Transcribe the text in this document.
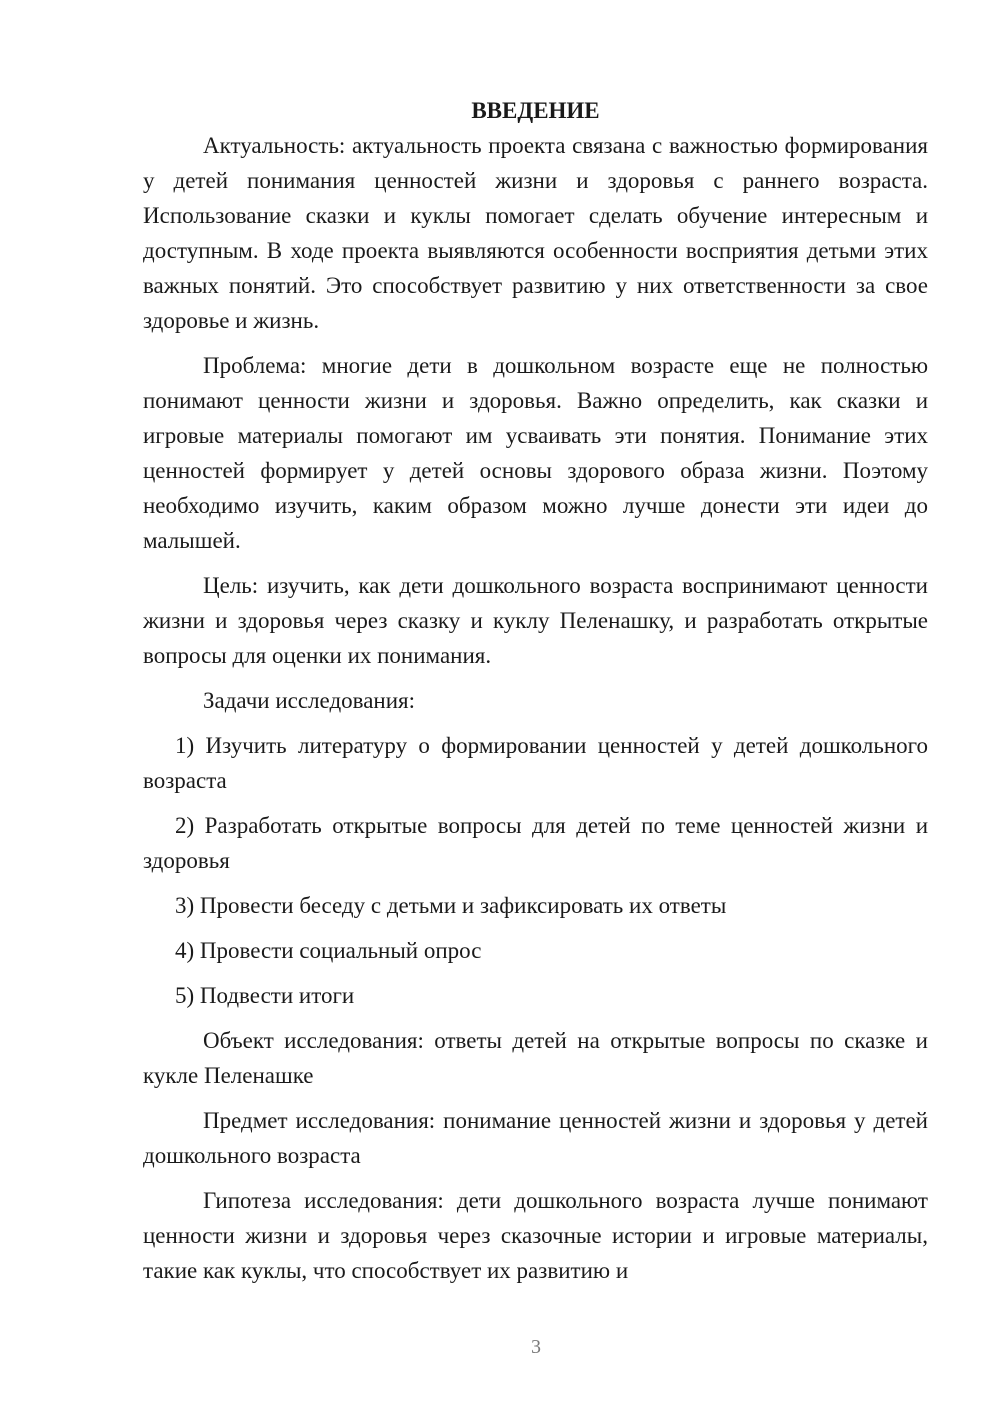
ВВЕДЕНИЕ

Актуальность: актуальность проекта связана с важностью формирования у детей понимания ценностей жизни и здоровья с раннего возраста. Использование сказки и куклы помогает сделать обучение интересным и доступным. В ходе проекта выявляются особенности восприятия детьми этих важных понятий. Это способствует развитию у них ответственности за свое здоровье и жизнь.

Проблема: многие дети в дошкольном возрасте еще не полностью понимают ценности жизни и здоровья. Важно определить, как сказки и игровые материалы помогают им усваивать эти понятия. Понимание этих ценностей формирует у детей основы здорового образа жизни. Поэтому необходимо изучить, каким образом можно лучше донести эти идеи до малышей.

Цель: изучить, как дети дошкольного возраста воспринимают ценности жизни и здоровья через сказку и куклу Пеленашку, и разработать открытые вопросы для оценки их понимания.

Задачи исследования:

1) Изучить литературу о формировании ценностей у детей дошкольного возраста

2) Разработать открытые вопросы для детей по теме ценностей жизни и здоровья

3) Провести беседу с детьми и зафиксировать их ответы

4) Провести социальный опрос

5) Подвести итоги

Объект исследования: ответы детей на открытые вопросы по сказке и кукле Пеленашке

Предмет исследования: понимание ценностей жизни и здоровья у детей дошкольного возраста

Гипотеза исследования: дети дошкольного возраста лучше понимают ценности жизни и здоровья через сказочные истории и игровые материалы, такие как куклы, что способствует их развитию и

3
